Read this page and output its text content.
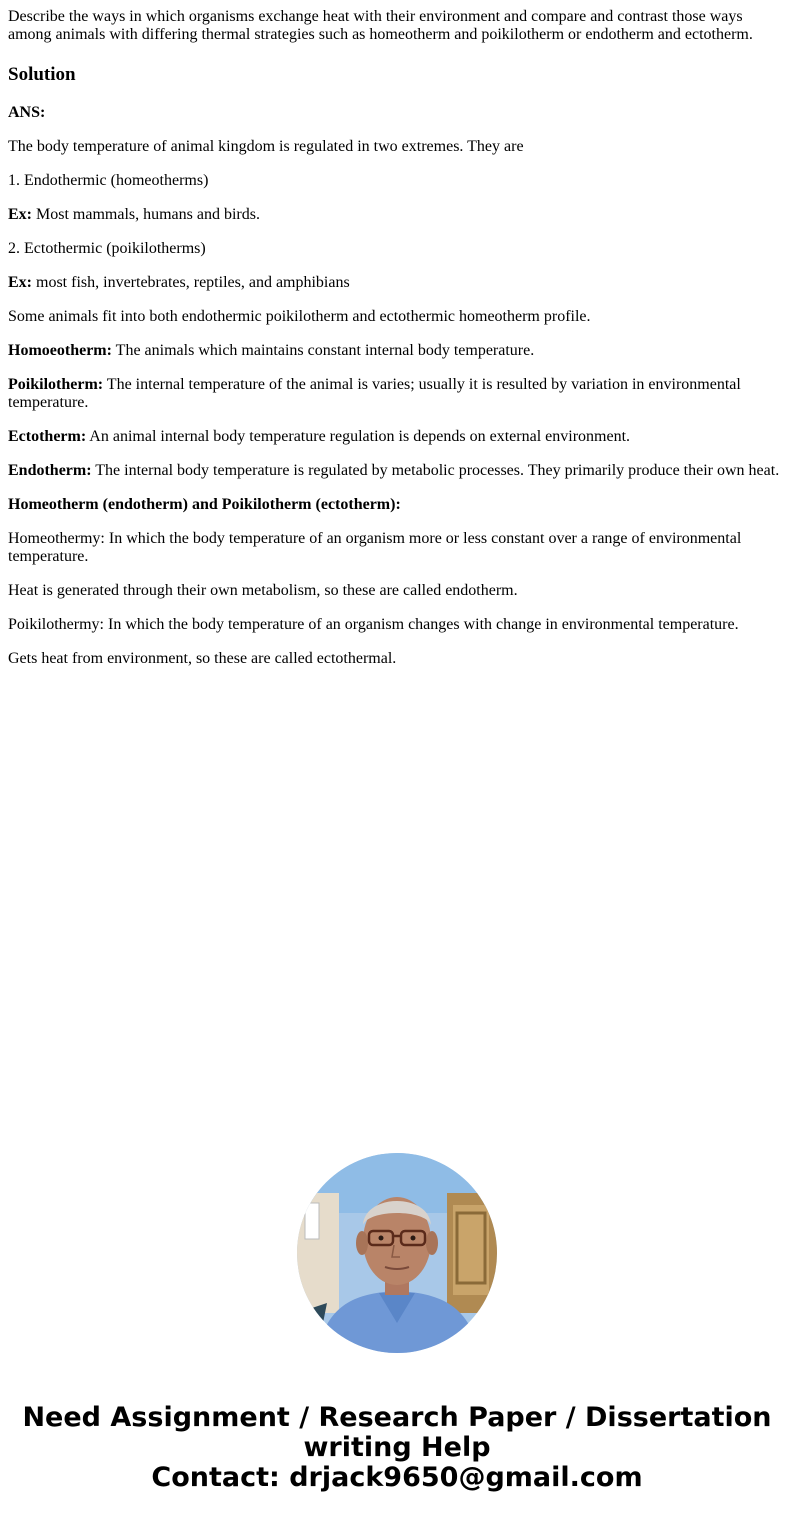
Describe the ways in which organisms exchange heat with their environment and compare and contrast those ways among animals with differing thermal strategies such as homeotherm and poikilotherm or endotherm and ectotherm.
Solution

ANS:

The body temperature of animal kingdom is regulated in two extremes. They are

1. Endothermic (homeotherms)

Ex: Most mammals, humans and birds.

2. Ectothermic (poikilotherms)

Ex: most fish, invertebrates, reptiles, and amphibians

Some animals fit into both endothermic poikilotherm and ectothermic homeotherm profile.

Homoeotherm: The animals which maintains constant internal body temperature.

Poikilotherm: The internal temperature of the animal is varies; usually it is resulted by variation in environmental temperature.

Ectotherm: An animal internal body temperature regulation is depends on external environment.

Endotherm: The internal body temperature is regulated by metabolic processes. They primarily produce their own heat.

Homeotherm (endotherm) and Poikilotherm (ectotherm):

Homeothermy: In which the body temperature of an organism more or less constant over a range of environmental temperature.

Heat is generated through their own metabolism, so these are called endotherm.

Poikilothermy: In which the body temperature of an organism changes with change in environmental temperature.

Gets heat from environment, so these are called ectothermal.

Need Assignment / Research Paper / Dissertation
writing Help
Contact: drjack9650@gmail.com
